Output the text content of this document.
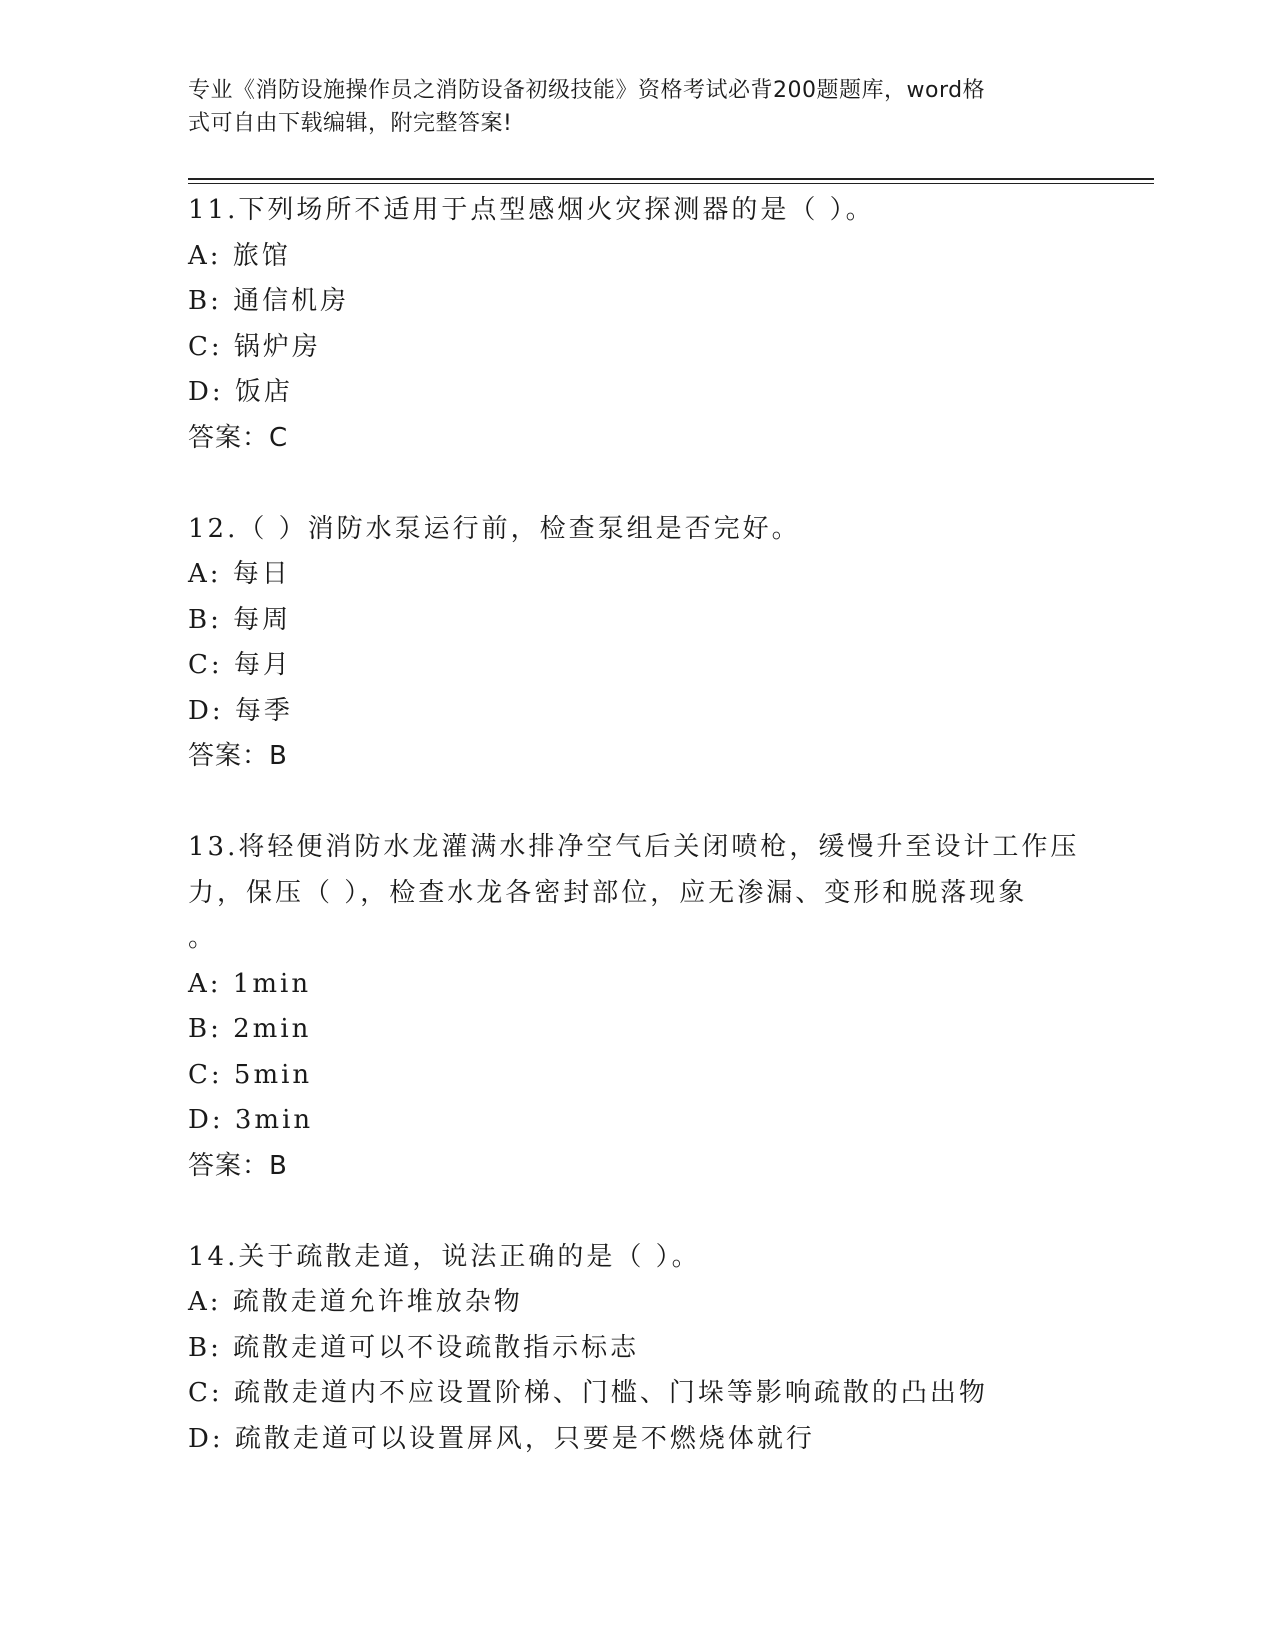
专业《消防设施操作员之消防设备初级技能》资格考试必背200题题库，word格
式可自由下载编辑，附完整答案!
11.下列场所不适用于点型感烟火灾探测器的是（ ）。
A: 旅馆
B: 通信机房
C: 锅炉房
D: 饭店
答案：C
12.（ ）消防水泵运行前，检查泵组是否完好。
A: 每日
B: 每周
C: 每月
D: 每季
答案：B
13.将轻便消防水龙灌满水排净空气后关闭喷枪，缓慢升至设计工作压
力，保压（ ），检查水龙各密封部位，应无渗漏、变形和脱落现象
。
A: 1min
B: 2min
C: 5min
D: 3min
答案：B
14.关于疏散走道，说法正确的是（ ）。
A: 疏散走道允许堆放杂物
B: 疏散走道可以不设疏散指示标志
C: 疏散走道内不应设置阶梯、门槛、门垛等影响疏散的凸出物
D: 疏散走道可以设置屏风，只要是不燃烧体就行
